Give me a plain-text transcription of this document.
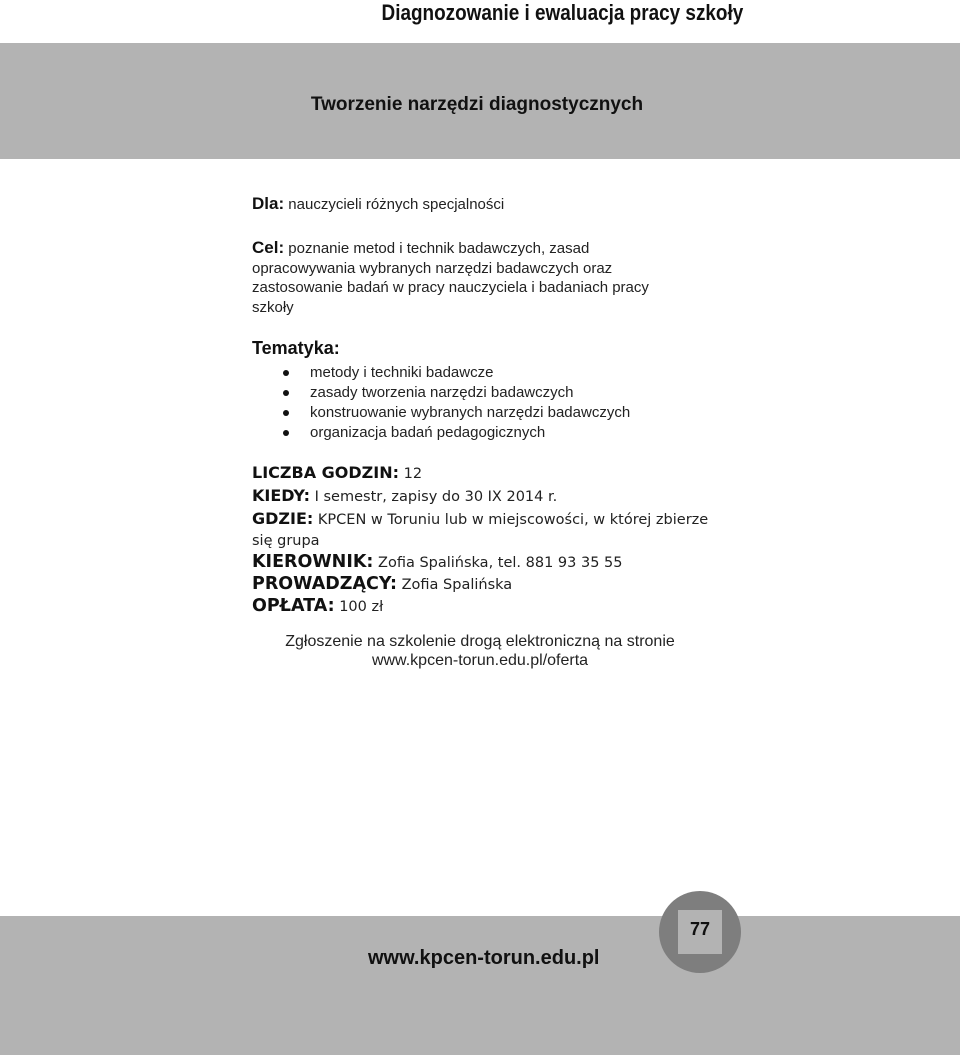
Diagnozowanie i ewaluacja pracy szkoły
Tworzenie narzędzi diagnostycznych
Dla: nauczycieli różnych specjalności
Cel: poznanie metod i technik badawczych, zasad opracowywania wybranych narzędzi badawczych oraz zastosowanie badań w pracy nauczyciela i badaniach pracy szkoły
Tematyka:
metody i techniki badawcze
zasady tworzenia narzędzi badawczych
konstruowanie wybranych narzędzi badawczych
organizacja badań pedagogicznych
LICZBA GODZIN: 12
KIEDY: I semestr, zapisy do 30 IX 2014 r.
GDZIE: KPCEN w Toruniu lub w miejscowości, w której zbierze się grupa
KIEROWNIK: Zofia Spalińska, tel. 881 93 35 55
PROWADZĄCY: Zofia Spalińska
OPŁATA: 100 zł
Zgłoszenie na szkolenie drogą elektroniczną na stronie
www.kpcen-torun.edu.pl/oferta
www.kpcen-torun.edu.pl
77
